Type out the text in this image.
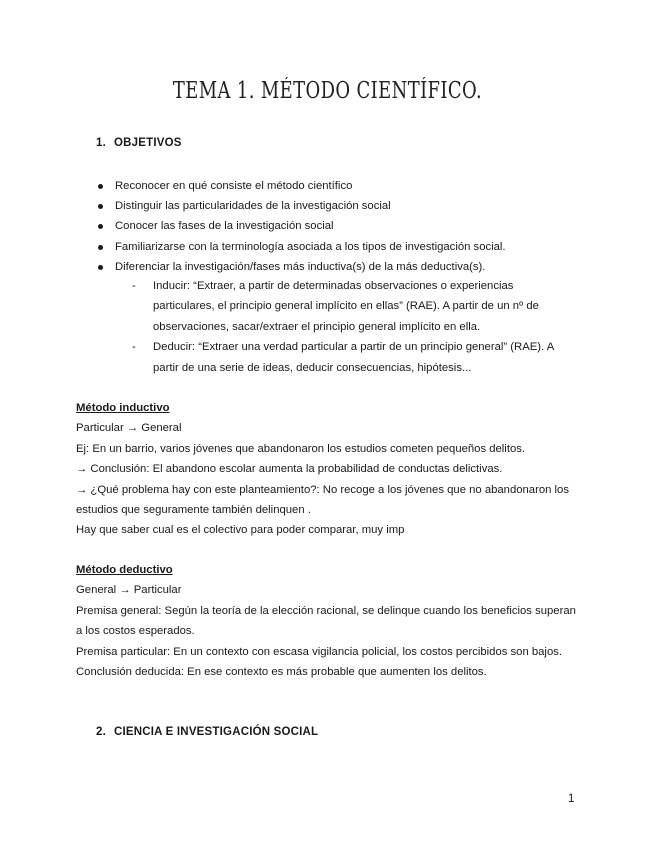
TEMA 1. MÉTODO CIENTÍFICO.
1. OBJETIVOS
Reconocer en qué consiste el método científico
Distinguir las particularidades de la investigación social
Conocer las fases de la investigación social
Familiarizarse con la terminología asociada a los tipos de investigación social.
Diferenciar la investigación/fases más inductiva(s) de la más deductiva(s).
- Inducir: “Extraer, a partir de determinadas observaciones o experiencias particulares, el principio general implícito en ellas” (RAE). A partir de un nº de observaciones, sacar/extraer el principio general implícito en ella.
- Deducir: “Extraer una verdad particular a partir de un principio general” (RAE). A partir de una serie de ideas, deducir consecuencias, hipótesis...

Método inductivo

Particular → General

Ej: En un barrio, varios jóvenes que abandonaron los estudios cometen pequeños delitos.

→ Conclusión: El abandono escolar aumenta la probabilidad de conductas delictivas.

→ ¿Qué problema hay con este planteamiento?: No recoge a los jóvenes que no abandonaron los estudios que seguramente también delinquen .

Hay que saber cual es el colectivo para poder comparar, muy imp

Método deductivo

General → Particular

Premisa general: Según la teoría de la elección racional, se delinque cuando los beneficios superan a los costos esperados.

Premisa particular: En un contexto con escasa vigilancia policial, los costos percibidos son bajos.

Conclusión deducida: En ese contexto es más probable que aumenten los delitos.

2. CIENCIA E INVESTIGACIÓN SOCIAL
1
